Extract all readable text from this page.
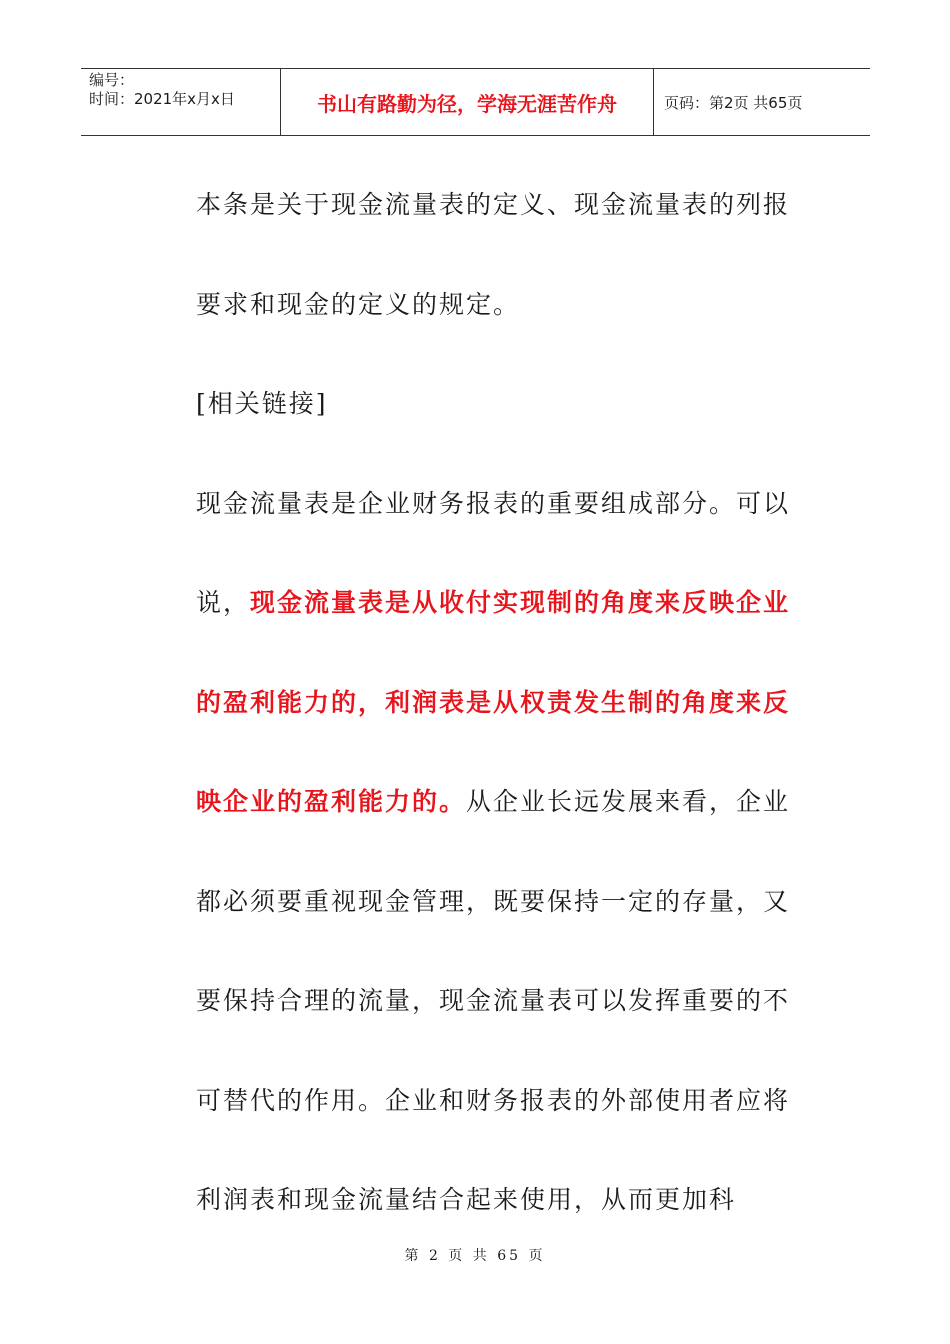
编号：
时间：2021年x月x日	书山有路勤为径，学海无涯苦作舟	页码：第2页 共65页

本条是关于现金流量表的定义、现金流量表的列报要求和现金的定义的规定。

[相关链接]

现金流量表是企业财务报表的重要组成部分。可以说，现金流量表是从收付实现制的角度来反映企业的盈利能力的，利润表是从权责发生制的角度来反映企业的盈利能力的。从企业长远发展来看，企业都必须要重视现金管理，既要保持一定的存量，又要保持合理的流量，现金流量表可以发挥重要的不可替代的作用。企业和财务报表的外部使用者应将利润表和现金流量结合起来使用，从而更加科

第 2 页 共 65 页
